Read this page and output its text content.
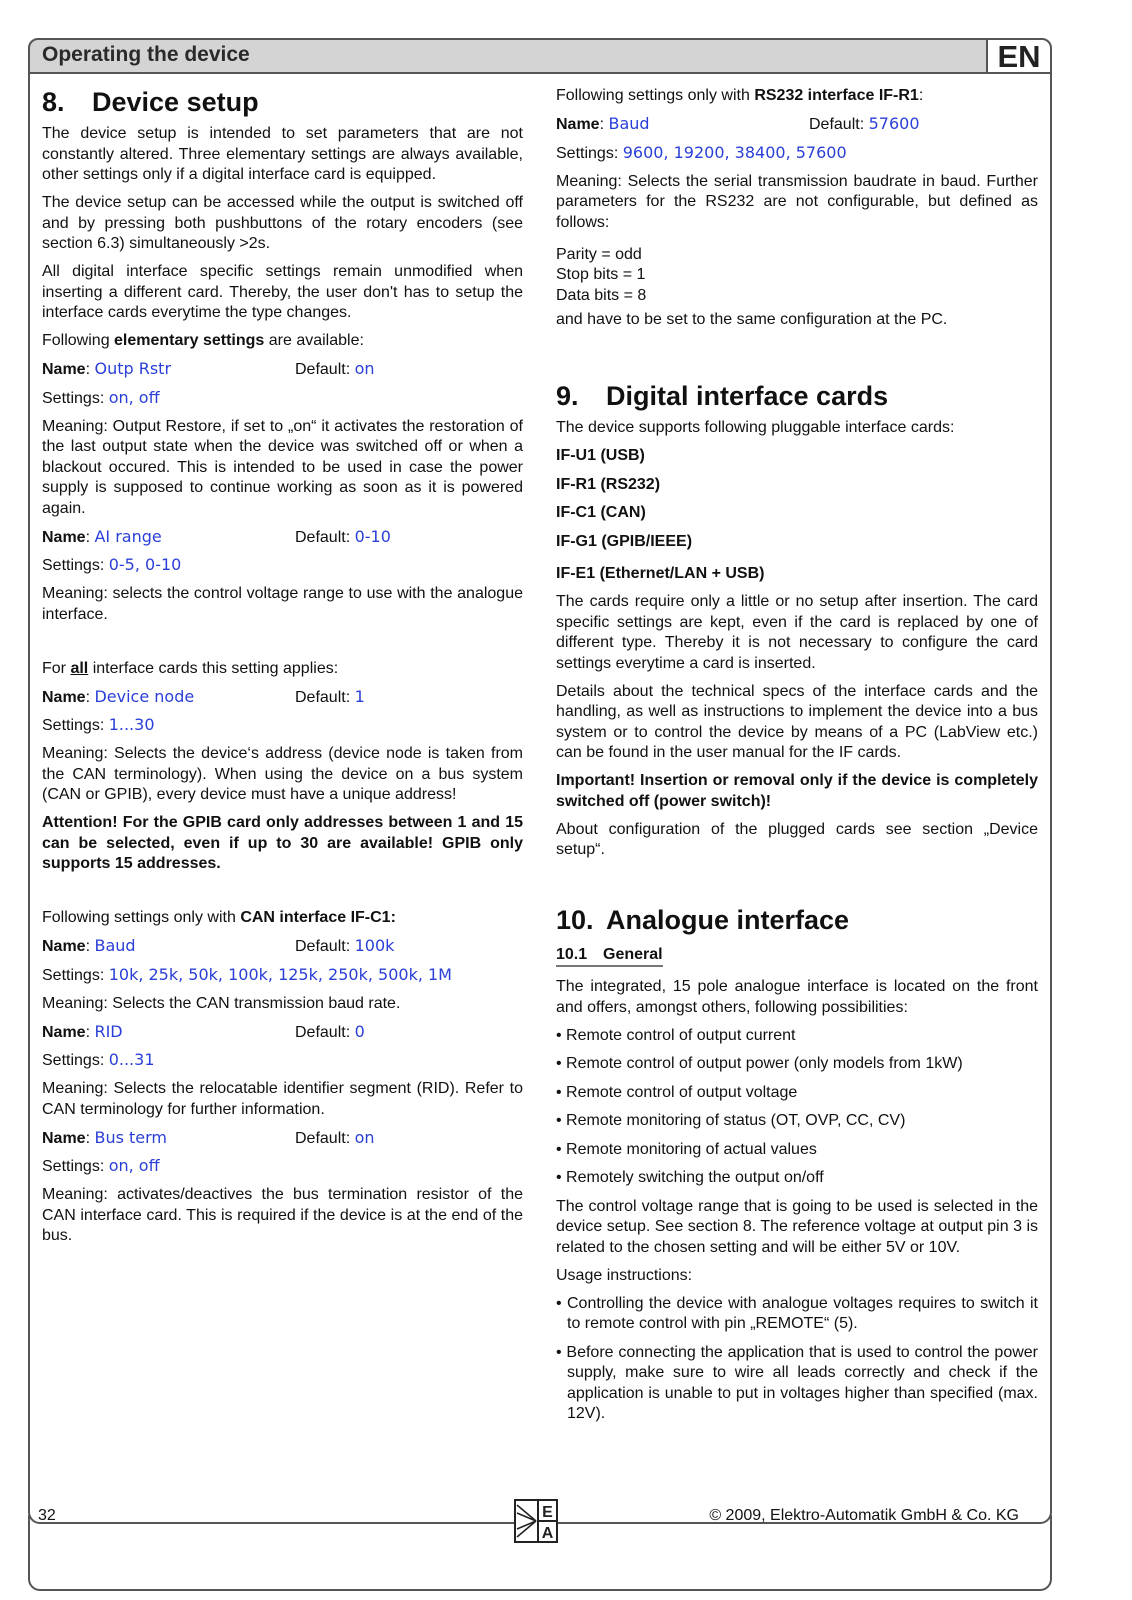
Operating the device	EN
8. Device setup

The device setup is intended to set parameters that are not constantly altered. Three elementary settings are always available, other settings only if a digital interface card is equipped.

The device setup can be accessed while the output is switched off and by pressing both pushbuttons of the rotary encoders (see section 6.3) simultaneously >2s.

All digital interface specific settings remain unmodified when inserting a different card. Thereby, the user don't has to setup the interface cards everytime the type changes.

Following elementary settings are available:

Name: Outp Rstr	Default: on

Settings: on, off

Meaning: Output Restore, if set to „on“ it activates the restoration of the last output state when the device was switched off or when a blackout occured. This is intended to be used in case the power supply is supposed to continue working as soon as it is powered again.

Name: AI range	Default: 0-10

Settings: 0-5, 0-10

Meaning: selects the control voltage range to use with the analogue interface.

For all interface cards this setting applies:

Name: Device node	Default: 1

Settings: 1...30

Meaning: Selects the device‘s address (device node is taken from the CAN terminology). When using the device on a bus system (CAN or GPIB), every device must have a unique address!

Attention! For the GPIB card only addresses between 1 and 15 can be selected, even if up to 30 are available! GPIB only supports 15 addresses.

Following settings only with CAN interface IF-C1:

Name: Baud	Default: 100k

Settings: 10k, 25k, 50k, 100k, 125k, 250k, 500k, 1M

Meaning: Selects the CAN transmission baud rate.

Name: RID	Default: 0

Settings: 0...31

Meaning: Selects the relocatable identifier segment (RID). Refer to CAN terminology for further information.

Name: Bus term	Default: on

Settings: on, off

Meaning: activates/deactives the bus termination resistor of the CAN interface card. This is required if the device is at the end of the bus.

Following settings only with RS232 interface IF-R1:

Name: Baud	Default: 57600

Settings: 9600, 19200, 38400, 57600

Meaning: Selects the serial transmission baudrate in baud. Further parameters for the RS232 are not configurable, but defined as follows:

Parity = odd
Stop bits = 1
Data bits = 8

and have to be set to the same configuration at the PC.

9. Digital interface cards

The device supports following pluggable interface cards:

IF-U1 (USB)
IF-R1 (RS232)
IF-C1 (CAN)
IF-G1 (GPIB/IEEE)
IF-E1 (Ethernet/LAN + USB)

The cards require only a little or no setup after insertion. The card specific settings are kept, even if the card is replaced by one of different type. Thereby it is not necessary to configure the card settings everytime a card is inserted.

Details about the technical specs of the interface cards and the handling, as well as instructions to implement the device into a bus system or to control the device by means of a PC (LabView etc.) can be found in the user manual for the IF cards.

Important! Insertion or removal only if the device is completely switched off (power switch)!

About configuration of the plugged cards see section „Device setup“.

10. Analogue interface
10.1 General

The integrated, 15 pole analogue interface is located on the front and offers, amongst others, following possibilities:

• Remote control of output current
• Remote control of output power (only models from 1kW)
• Remote control of output voltage
• Remote monitoring of status (OT, OVP, CC, CV)
• Remote monitoring of actual values
• Remotely switching the output on/off

The control voltage range that is going to be used is selected in the device setup. See section 8. The reference voltage at output pin 3 is related to the chosen setting and will be either 5V or 10V.

Usage instructions:

• Controlling the device with analogue voltages requires to switch it to remote control with pin „REMOTE“ (5).
• Before connecting the application that is used to control the power supply, make sure to wire all leads correctly and check if the application is unable to put in voltages higher than specified (max. 12V).
32	© 2009, Elektro-Automatik GmbH & Co. KG
E
A
